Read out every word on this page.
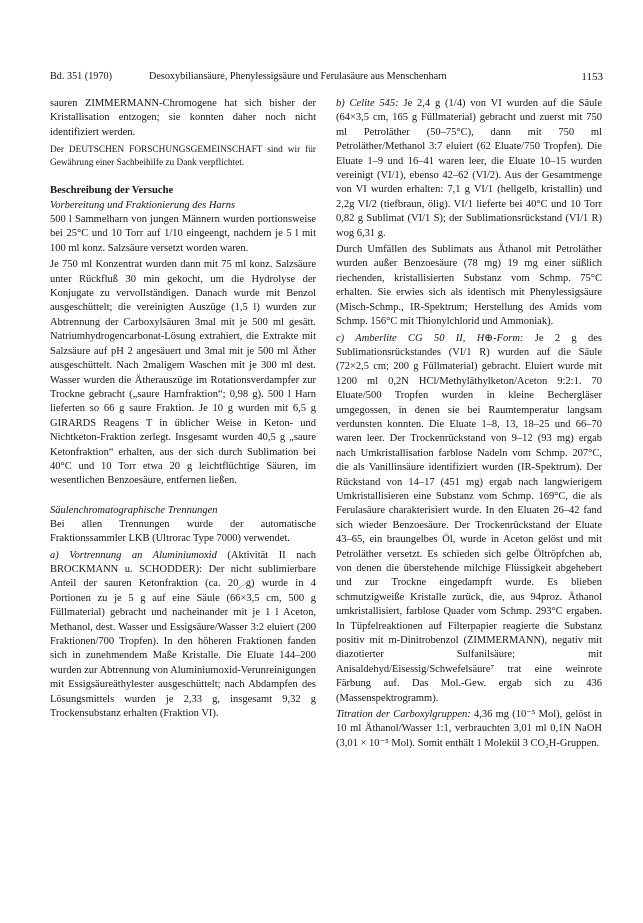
Bd. 351 (1970)	Desoxybiliansäure, Phenylessigsäure und Ferulasäure aus Menschenharn	1153

sauren ZIMMERMANN-Chromogene hat sich bisher der Kristallisation entzogen; sie konnten daher noch nicht identifiziert werden.

Der DEUTSCHEN FORSCHUNGSGEMEINSCHAFT sind wir für Gewährung einer Sachbeihilfe zu Dank verpflichtet.

Beschreibung der Versuche
Vorbereitung und Fraktionierung des Harns

500 l Sammelharn von jungen Männern wurden portionsweise bei 25°C und 10 Torr auf 1/10 eingeengt, nachdem je 5 l mit 100 ml konz. Salzsäure versetzt worden waren.

Je 750 ml Konzentrat wurden dann mit 75 ml konz. Salzsäure unter Rückfluß 30 min gekocht, um die Hydrolyse der Konjugate zu vervollständigen. Danach wurde mit Benzol ausgeschüttelt; die vereinigten Auszüge (1,5 l) wurden zur Abtrennung der Carboxylsäuren 3mal mit je 500 ml gesätt. Natriumhydrogencarbonat-Lösung extrahiert, die Extrakte mit Salzsäure auf pH 2 angesäuert und 3mal mit je 500 ml Äther ausgeschüttelt. Nach 2maligem Waschen mit je 300 ml dest. Wasser wurden die Ätherauszüge im Rotationsverdampfer zur Trockne gebracht („saure Harnfraktion“; 0,98 g). 500 l Harn lieferten so 66 g saure Fraktion. Je 10 g wurden mit 6,5 g GIRARDS Reagens T in üblicher Weise in Keton- und Nichtketon-Fraktion zerlegt. Insgesamt wurden 40,5 g „saure Ketonfraktion“ erhalten, aus der sich durch Sublimation bei 40°C und 10 Torr etwa 20 g leichtflüchtige Säuren, im wesentlichen Benzoesäure, entfernen ließen.

Säulenchromatographische Trennungen

Bei allen Trennungen wurde der automatische Fraktionssammler LKB (Ultrorac Type 7000) verwendet.

a) Vortrennung an Aluminiumoxid (Aktivität II nach BROCKMANN u. SCHODDER): Der nicht sublimierbare Anteil der sauren Ketonfraktion (ca. 20 g) wurde in 4 Portionen zu je 5 g auf eine Säule (66×3,5 cm, 500 g Füllmaterial) gebracht und nacheinander mit je 1 l Aceton, Methanol, dest. Wasser und Essigsäure/Wasser 3:2 eluiert (200 Fraktionen/700 Tropfen). In den höheren Fraktionen fanden sich in zunehmendem Maße Kristalle. Die Eluate 144–200 wurden zur Abtrennung von Aluminiumoxid-Verunreinigungen mit Essigsäureäthylester ausgeschüttelt; nach Abdampfen des Lösungsmittels wurden je 2,33 g, insgesamt 9,32 g Trockensubstanz erhalten (Fraktion VI).

b) Celite 545: Je 2,4 g (1/4) von VI wurden auf die Säule (64×3,5 cm, 165 g Füllmaterial) gebracht und zuerst mit 750 ml Petroläther (50–75°C), dann mit 750 ml Petroläther/Methanol 3:7 eluiert (62 Eluate/750 Tropfen). Die Eluate 1–9 und 16–41 waren leer, die Eluate 10–15 wurden vereinigt (VI/1), ebenso 42–62 (VI/2). Aus der Gesamtmenge von VI wurden erhalten: 7,1 g VI/1 (hellgelb, kristallin) und 2,2g VI/2 (tiefbraun, ölig). VI/1 lieferte bei 40°C und 10 Torr 0,82 g Sublimat (VI/1 S); der Sublimationsrückstand (VI/1 R) wog 6,31 g.

Durch Umfällen des Sublimats aus Äthanol mit Petroläther wurden außer Benzoesäure (78 mg) 19 mg einer süßlich riechenden, kristallisierten Substanz vom Schmp. 75°C erhalten. Sie erwies sich als identisch mit Phenylessigsäure (Misch-Schmp., IR-Spektrum; Herstellung des Amids vom Schmp. 156°C mit Thionylchlorid und Ammoniak).

c) Amberlite CG 50 II, H⊕-Form: Je 2 g des Sublimationsrückstandes (VI/1 R) wurden auf die Säule (72×2,5 cm; 200 g Füllmaterial) gebracht. Eluiert wurde mit 1200 ml 0,2N HCl/Methyläthylketon/Aceton 9:2:1. 70 Eluate/500 Tropfen wurden in kleine Bechergläser umgegossen, in denen sie bei Raumtemperatur langsam verdunsten konnten. Die Eluate 1–8, 13, 18–25 und 66–70 waren leer. Der Trockenrückstand von 9–12 (93 mg) ergab nach Umkristallisation farblose Nadeln vom Schmp. 207°C, die als Vanillinsäure identifiziert wurden (IR-Spektrum). Der Rückstand von 14–17 (451 mg) ergab nach langwierigem Umkristallisieren eine Substanz vom Schmp. 169°C, die als Ferulasäure charakterisiert wurde. In den Eluaten 26–42 fand sich wieder Benzoesäure. Der Trockenrückstand der Eluate 43–65, ein braungelbes Öl, wurde in Aceton gelöst und mit Petroläther versetzt. Es schieden sich gelbe Öltröpfchen ab, von denen die überstehende milchige Flüssigkeit abgehebert und zur Trockne eingedampft wurde. Es blieben schmutzigweiße Kristalle zurück, die, aus 94proz. Äthanol umkristallisiert, farblose Quader vom Schmp. 293°C ergaben. In Tüpfelreaktionen auf Filterpapier reagierte die Substanz positiv mit m-Dinitrobenzol (ZIMMERMANN), negativ mit diazotierter Sulfanilsäure; mit Anisaldehyd/Eisessig/Schwefelsäure⁷ trat eine weinrote Färbung auf. Das Mol.-Gew. ergab sich zu 436 (Massenspektrogramm).

Titration der Carboxylgruppen: 4,36 mg (10⁻⁵ Mol), gelöst in 10 ml Äthanol/Wasser 1:1, verbrauchten 3,01 ml 0,1N NaOH (3,01 × 10⁻⁵ Mol). Somit enthält 1 Molekül 3 CO₂H-Gruppen.
